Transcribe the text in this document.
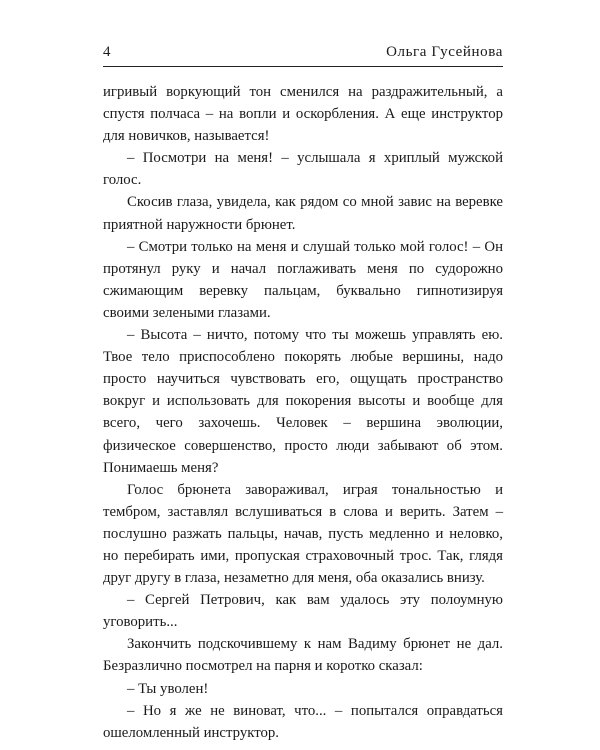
4	Ольга Гусейнова

игривый воркующий тон сменился на раздражительный, а спустя полчаса – на вопли и оскорбления. А еще инструктор для новичков, называется!

– Посмотри на меня! – услышала я хриплый мужской голос.

Скосив глаза, увидела, как рядом со мной завис на веревке приятной наружности брюнет.

– Смотри только на меня и слушай только мой голос! – Он протянул руку и начал поглаживать меня по судорожно сжимающим веревку пальцам, буквально гипнотизируя своими зелеными глазами.

– Высота – ничто, потому что ты можешь управлять ею. Твое тело приспособлено покорять любые вершины, надо просто научиться чувствовать его, ощущать пространство вокруг и использовать для покорения высоты и вообще для всего, чего захочешь. Человек – вершина эволюции, физическое совершенство, просто люди забывают об этом. Понимаешь меня?

Голос брюнета завораживал, играя тональностью и тембром, заставлял вслушиваться в слова и верить. Затем – послушно разжать пальцы, начав, пусть медленно и неловко, но перебирать ими, пропуская страховочный трос. Так, глядя друг другу в глаза, незаметно для меня, оба оказались внизу.

– Сергей Петрович, как вам удалось эту полоумную уговорить...

Закончить подскочившему к нам Вадиму брюнет не дал. Безразлично посмотрел на парня и коротко сказал:

– Ты уволен!

– Но я же не виноват, что... – попытался оправдаться ошеломленный инструктор.
